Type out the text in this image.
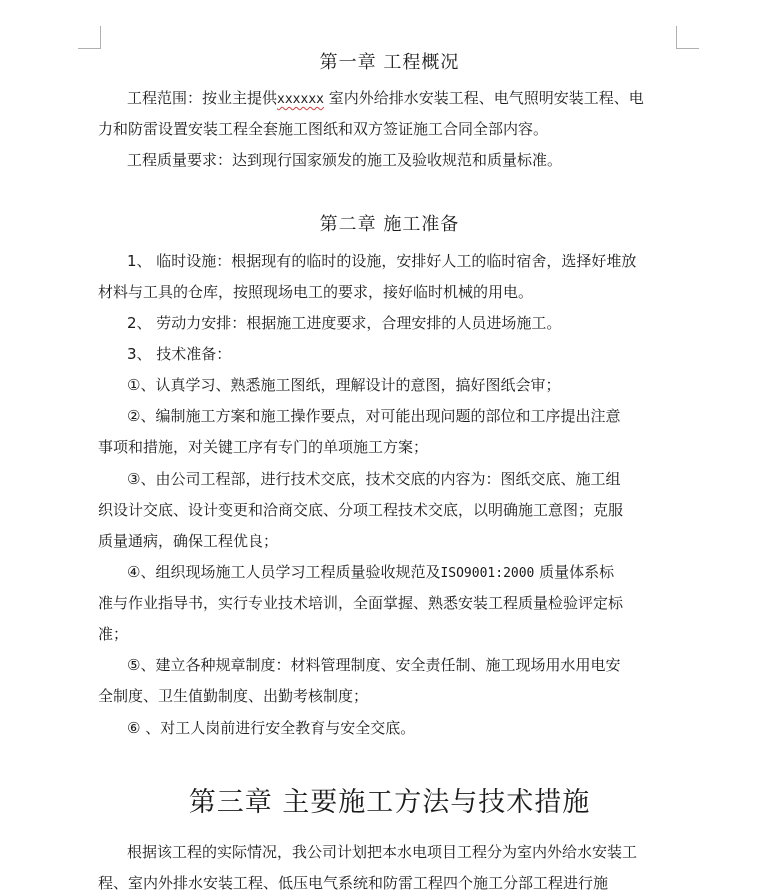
第一章 工程概况
工程范围：按业主提供xxxxxx 室内外给排水安装工程、电气照明安装工程、电
力和防雷设置安装工程全套施工图纸和双方签证施工合同全部内容。
工程质量要求：达到现行国家颁发的施工及验收规范和质量标准。
第二章 施工准备
1、 临时设施：根据现有的临时的设施，安排好人工的临时宿舍，选择好堆放
材料与工具的仓库，按照现场电工的要求，接好临时机械的用电。
2、 劳动力安排：根据施工进度要求，合理安排的人员进场施工。
3、 技术准备：
①、认真学习、熟悉施工图纸，理解设计的意图，搞好图纸会审；
②、编制施工方案和施工操作要点，对可能出现问题的部位和工序提出注意
事项和措施，对关键工序有专门的单项施工方案；
③、由公司工程部，进行技术交底，技术交底的内容为：图纸交底、施工组
织设计交底、设计变更和洽商交底、分项工程技术交底，以明确施工意图；克服
质量通病，确保工程优良；
④、组织现场施工人员学习工程质量验收规范及ISO9001:2000 质量体系标
准与作业指导书，实行专业技术培训，全面掌握、熟悉安装工程质量检验评定标
准；
⑤、建立各种规章制度：材料管理制度、安全责任制、施工现场用水用电安
全制度、卫生值勤制度、出勤考核制度；
⑥ 、对工人岗前进行安全教育与安全交底。
第三章 主要施工方法与技术措施
根据该工程的实际情况，我公司计划把本水电项目工程分为室内外给水安装工
程、室内外排水安装工程、低压电气系统和防雷工程四个施工分部工程进行施
